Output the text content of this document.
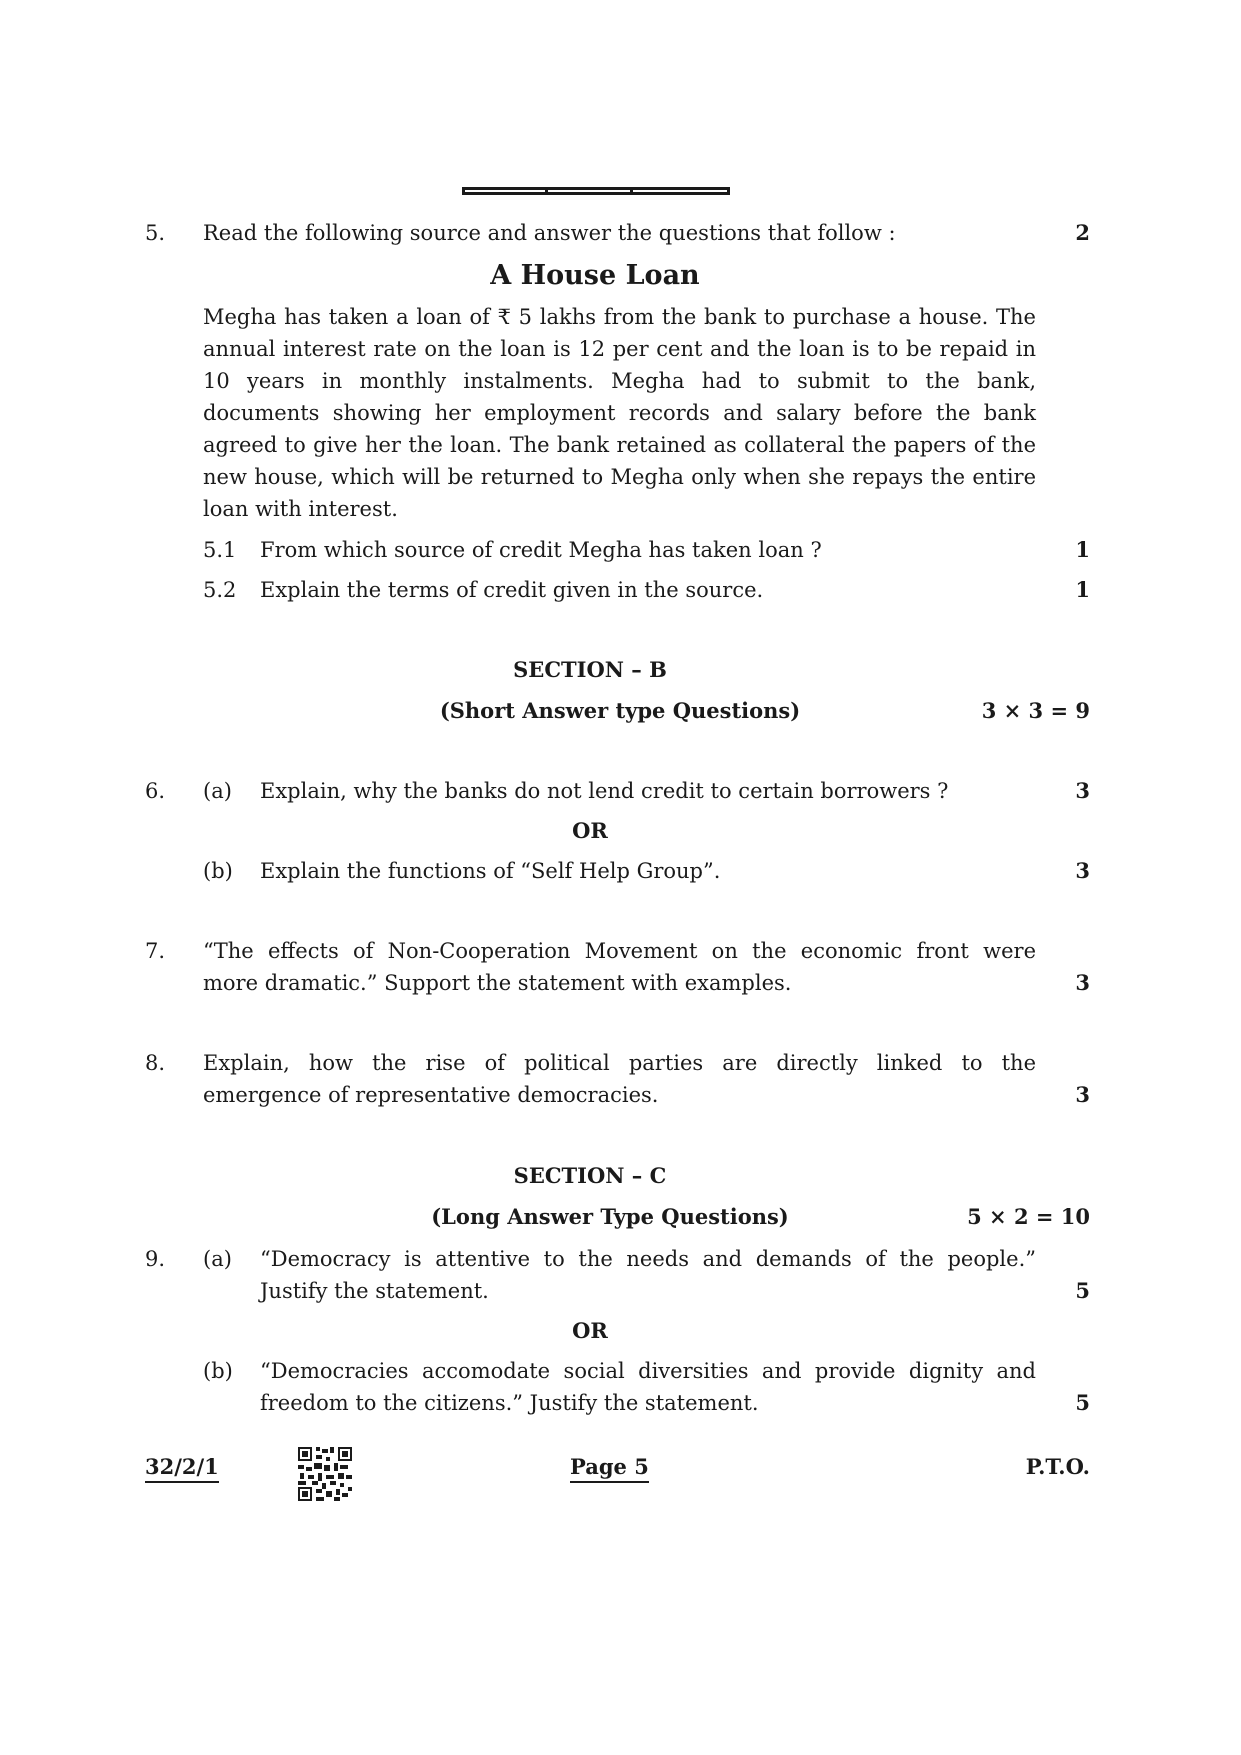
5. Read the following source and answer the questions that follow :	2
A House Loan
Megha has taken a loan of ₹ 5 lakhs from the bank to purchase a house. The annual interest rate on the loan is 12 per cent and the loan is to be repaid in 10 years in monthly instalments. Megha had to submit to the bank, documents showing her employment records and salary before the bank agreed to give her the loan. The bank retained as collateral the papers of the new house, which will be returned to Megha only when she repays the entire loan with interest.
5.1 From which source of credit Megha has taken loan ?	1
5.2 Explain the terms of credit given in the source.	1
SECTION – B
(Short Answer type Questions)	3 × 3 = 9
6. (a) Explain, why the banks do not lend credit to certain borrowers ?	3
OR
(b) Explain the functions of “Self Help Group”.	3
7. “The effects of Non-Cooperation Movement on the economic front were
more dramatic.” Support the statement with examples.	3
8. Explain, how the rise of political parties are directly linked to the
emergence of representative democracies.	3
SECTION – C
(Long Answer Type Questions)	5 × 2 = 10
9. (a) “Democracy is attentive to the needs and demands of the people.”
Justify the statement.	5
OR
(b) “Democracies accomodate social diversities and provide dignity and
freedom to the citizens.” Justify the statement.	5
32/2/1	Page 5	P.T.O.
